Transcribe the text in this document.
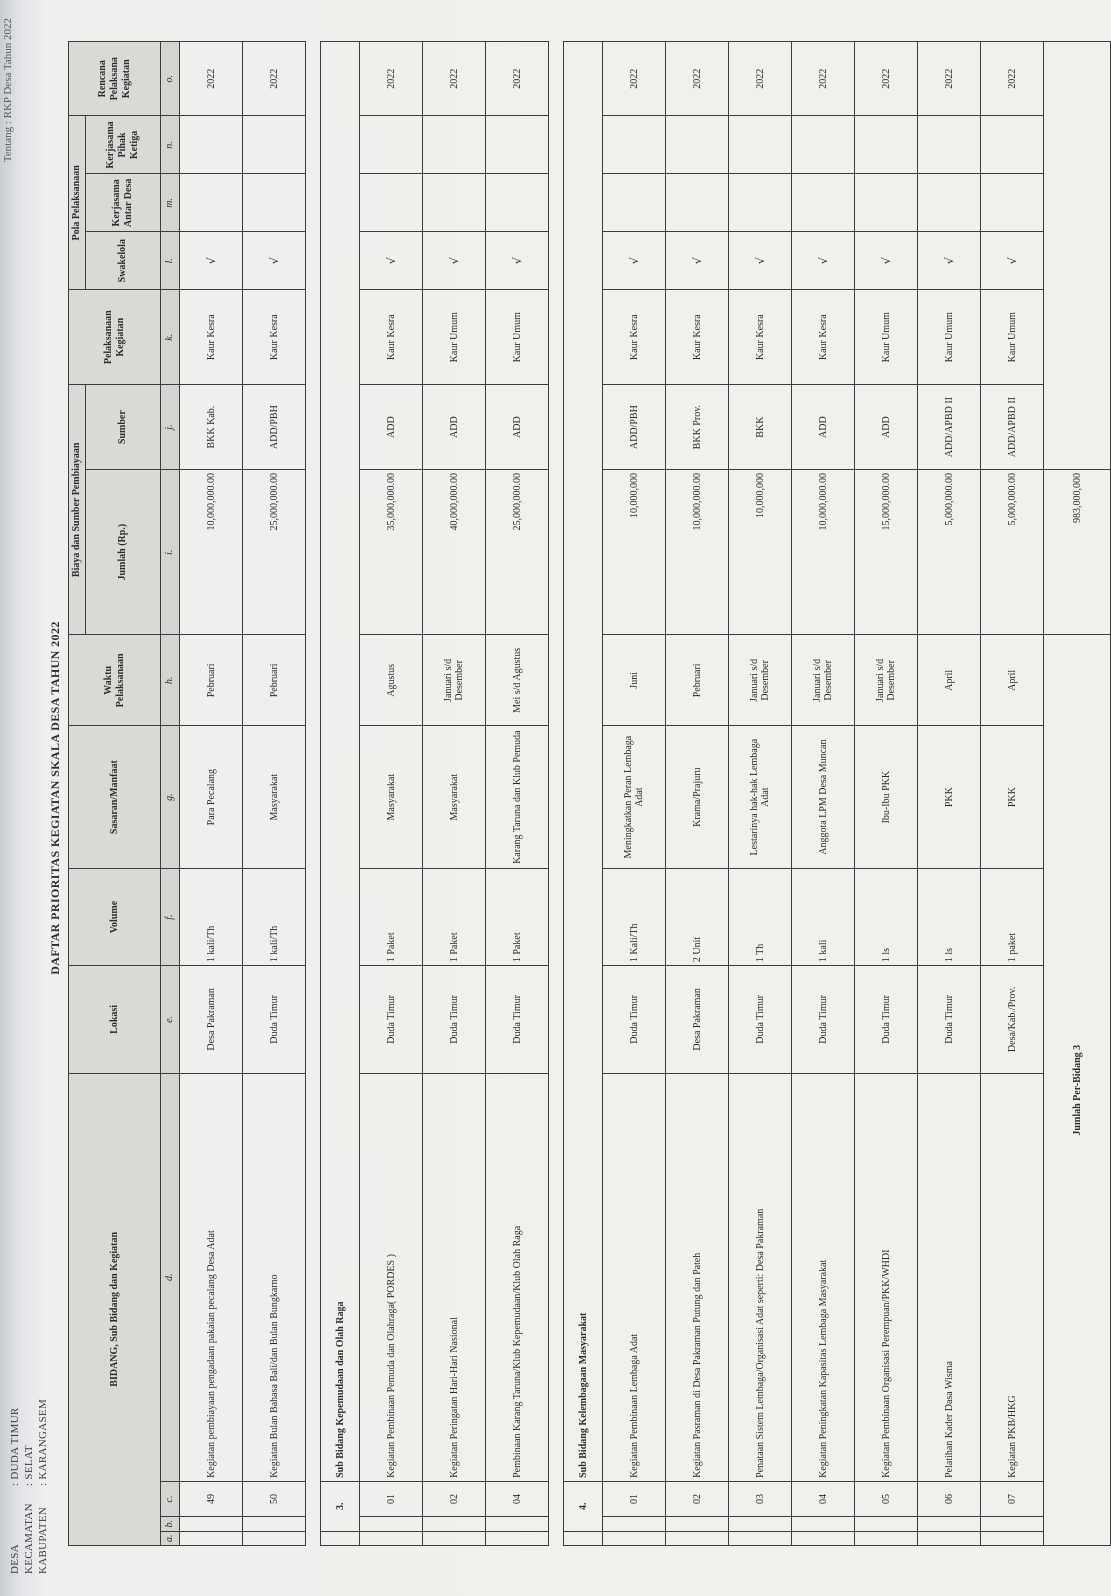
DESA: DUDA TIMUR
KECAMATAN: SELAT
KABUPATEN: KARANGASEM
Tentang : RKP Desa Tahun 2022
DAFTAR PRIORITAS KEGIATAN SKALA DESA TAHUN 2022
BIDANG, Sub Bidang dan Kegiatan				Lokasi	Volume	Sasaran/Manfaat	Waktu Pelaksanaan	Biaya dan Sumber Pembiayaan		Pelaksanaan Kegiatan	Pola Pelaksanaan			Rencana Pelaksana Kegiatan
								Jumlah (Rp.)	Sumber		Swakelola	Kerjasama Antar Desa	Kerjasama Pihak Ketiga	
a.	b.	c.	d.	e.	f.	g.	h.	i.	j.	k.	l.	m.	n.	o.
		49	Kegiatan pembiayaan pengadaan pakaian pecalang Desa Adat	Desa Pakraman	1 kali/Th	Para Pecalang	Pebruari	10,000,000.00	BKK Kab.	Kaur Kesra	√			2022
		50	Kegiatan Bulan Bahasa Bali/dan Bulan Bungkarno	Duda Timur	1 kali/Th	Masyarakat	Pebruari	25,000,000.00	ADD/PBH	Kaur Kesra	√			2022

	3.		Sub Bidang Kepemudaan dan Olah Raga											
		01	Kegiatan Pembinaan Pemuda dan Olahraga( PORDES )	Duda Timur	1 Paket	Masyarakat	Agustus	35,000,000.00	ADD	Kaur Kesra	√			2022
		02	Kegiatan Peringatan Hari-Hari Nasional	Duda Timur	1 Paket	Masyarakat	Januari s/d Desember	40,000,000.00	ADD	Kaur Umum	√			2022
		04	Pembinaan Karang Taruna/Klub Kepemudaan/Klub Olah Raga	Duda Timur	1 Paket	Karang Taruna dan Klub Pemuda	Mei s/d Agustus	25,000,000.00	ADD	Kaur Umum	√			2022

	4.		Sub Bidang Kelembagaan Masyarakat											
		01	Kegiatan Pembinaan Lembaga Adat	Duda Timur	1 Kali/Th	Meningkatkan Peran Lembaga Adat	Juni	10,000,000	ADD/PBH	Kaur Kesra	√			2022
		02	Kegiatan Pasraman di Desa Pakraman Putung dan Pateh	Desa Pakraman	2 Unit	Krama/Prajuru	Pebruari	10,000,000.00	BKK Prov.	Kaur Kesra	√			2022
		03	Penataan Sistem Lembaga/Organisasi Adat seperti: Desa Pakraman	Duda Timur	1 Th	Lestarinya hak-hak Lembaga Adat	Januari s/d Desember	10,000,000	BKK	Kaur Kesra	√			2022
		04	Kegiatan Peningkatan Kapasitas Lembaga Masyarakat	Duda Timur	1 kali	Anggota LPM Desa Muncan	Januari s/d Desember	10,000,000.00	ADD	Kaur Kesra	√			2022
		05	Kegiatan Pembinaan Organisasi Perempuan/PKK/WHDI	Duda Timur	1 ls	Ibu-Ibu PKK	Januari s/d Desember	15,000,000.00	ADD	Kaur Umum	√			2022
		06	Pelatihan Kader Dasa Wisma	Duda Timur	1 ls	PKK	April	5,000,000.00	ADD/APBD II	Kaur Umum	√			2022
		07	Kegiatan PKB/HKG	Desa/Kab./Prov.	1 paket	PKK	April	5,000,000.00	ADD/APBD II	Kaur Umum	√			2022
Jumlah Per-Bidang 3								983,000,000						
